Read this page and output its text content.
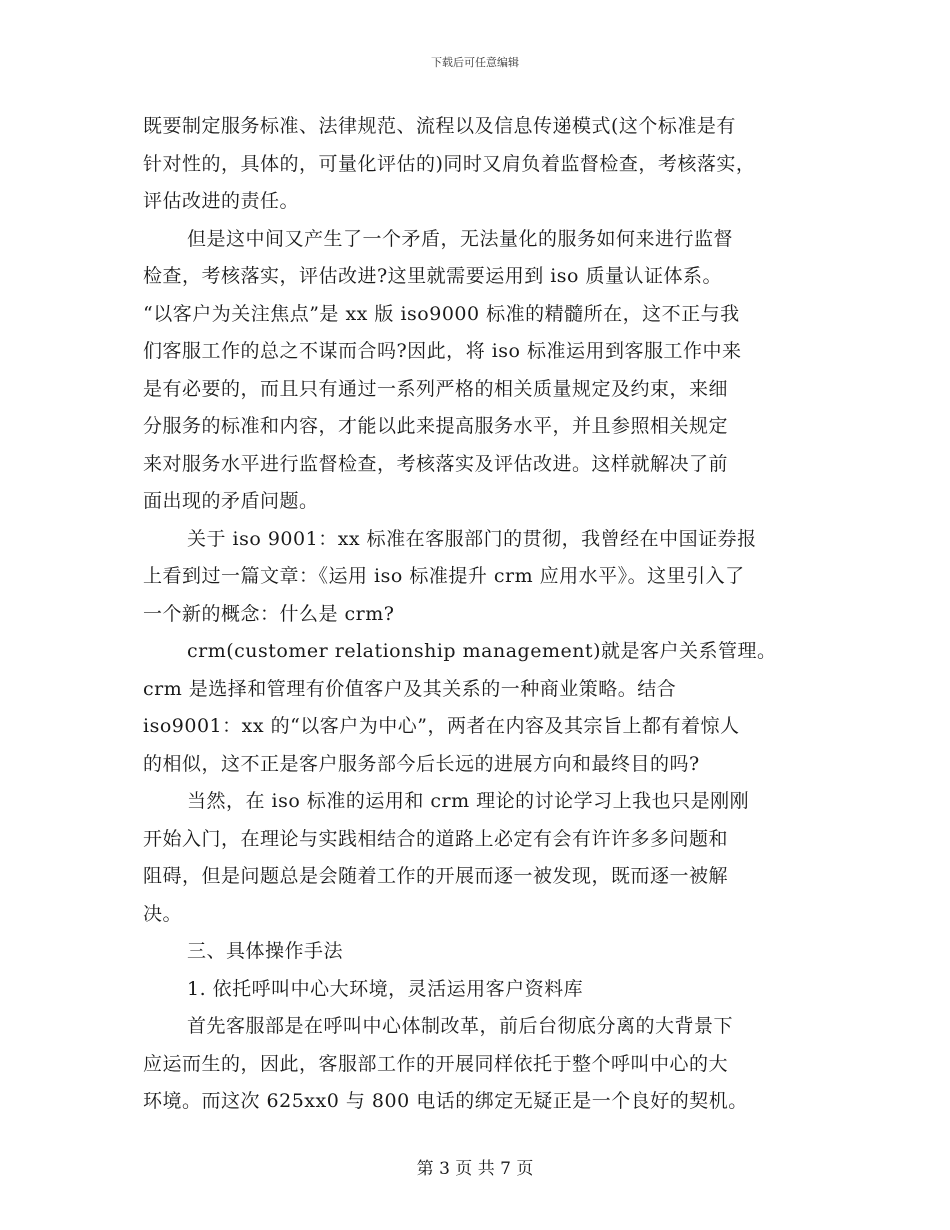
下载后可任意编辑
既要制定服务标准、法律规范、流程以及信息传递模式(这个标准是有
针对性的，具体的，可量化评估的)同时又肩负着监督检查，考核落实，
评估改进的责任。
但是这中间又产生了一个矛盾，无法量化的服务如何来进行监督
检查，考核落实，评估改进?这里就需要运用到 iso 质量认证体系。
“以客户为关注焦点”是 xx 版 iso9000 标准的精髓所在，这不正与我
们客服工作的总之不谋而合吗?因此，将 iso 标准运用到客服工作中来
是有必要的，而且只有通过一系列严格的相关质量规定及约束，来细
分服务的标准和内容，才能以此来提高服务水平，并且参照相关规定
来对服务水平进行监督检查，考核落实及评估改进。这样就解决了前
面出现的矛盾问题。
关于 iso 9001：xx 标准在客服部门的贯彻，我曾经在中国证券报
上看到过一篇文章：《运用 iso 标准提升 crm 应用水平》。这里引入了
一个新的概念：什么是 crm?
crm(customer relationship management)就是客户关系管理。
crm 是选择和管理有价值客户及其关系的一种商业策略。结合
iso9001：xx 的“以客户为中心”，两者在内容及其宗旨上都有着惊人
的相似，这不正是客户服务部今后长远的进展方向和最终目的吗?
当然，在 iso 标准的运用和 crm 理论的讨论学习上我也只是刚刚
开始入门，在理论与实践相结合的道路上必定有会有许许多多问题和
阻碍，但是问题总是会随着工作的开展而逐一被发现，既而逐一被解
决。
三、具体操作手法
1. 依托呼叫中心大环境，灵活运用客户资料库
首先客服部是在呼叫中心体制改革，前后台彻底分离的大背景下
应运而生的，因此，客服部工作的开展同样依托于整个呼叫中心的大
环境。而这次 625xx0 与 800 电话的绑定无疑正是一个良好的契机。
第 3 页 共 7 页
